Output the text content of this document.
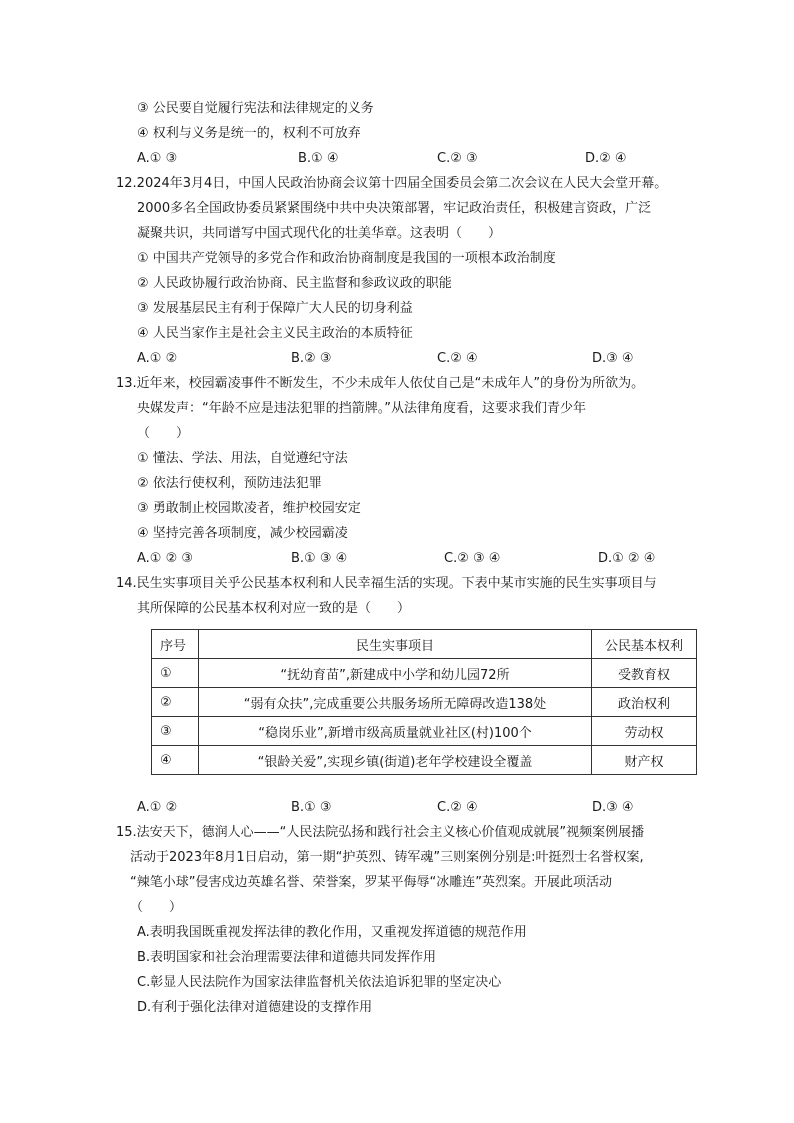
③ 公民要自觉履行宪法和法律规定的义务
④ 权利与义务是统一的，权利不可放弃
A.① ③	B.① ④	C.② ③	D.② ④
12.2024年3月4日，中国人民政治协商会议第十四届全国委员会第二次会议在人民大会堂开幕。
2000多名全国政协委员紧紧围绕中共中央决策部署，牢记政治责任，积极建言资政，广泛
凝聚共识，共同谱写中国式现代化的壮美华章。这表明（　　）
① 中国共产党领导的多党合作和政治协商制度是我国的一项根本政治制度
② 人民政协履行政治协商、民主监督和参政议政的职能
③ 发展基层民主有利于保障广大人民的切身利益
④ 人民当家作主是社会主义民主政治的本质特征
A.① ②	B.② ③	C.② ④	D.③ ④
13.近年来，校园霸凌事件不断发生，不少未成年人依仗自己是“未成年人”的身份为所欲为。
央媒发声：“年龄不应是违法犯罪的挡箭牌。”从法律角度看，这要求我们青少年
（　　）
① 懂法、学法、用法，自觉遵纪守法
② 依法行使权利，预防违法犯罪
③ 勇敢制止校园欺凌者，维护校园安定
④ 坚持完善各项制度，减少校园霸凌
A.① ② ③	B.① ③ ④	C.② ③ ④	D.① ② ④
14.民生实事项目关乎公民基本权利和人民幸福生活的实现。下表中某市实施的民生实事项目与
其所保障的公民基本权利对应一致的是（　　）
序号	民生实事项目	公民基本权利
①	“抚幼育苗”,新建成中小学和幼儿园72所	受教育权
②	“弱有众扶”,完成重要公共服务场所无障碍改造138处	政治权利
③	“稳岗乐业”,新增市级高质量就业社区(村)100个	劳动权
④	“银龄关爱”,实现乡镇(街道)老年学校建设全覆盖	财产权
A.① ②	B.① ③	C.② ④	D.③ ④
15.法安天下，德润人心——“人民法院弘扬和践行社会主义核心价值观成就展”视频案例展播
活动于2023年8月1日启动，第一期“护英烈、铸军魂”三则案例分别是:叶挺烈士名誉权案,
“辣笔小球”侵害戍边英雄名誉、荣誉案，罗某平侮辱“冰雕连”英烈案。开展此项活动
（　　）
A.表明我国既重视发挥法律的教化作用，又重视发挥道德的规范作用
B.表明国家和社会治理需要法律和道德共同发挥作用
C.彰显人民法院作为国家法律监督机关依法追诉犯罪的坚定决心
D.有利于强化法律对道德建设的支撑作用
